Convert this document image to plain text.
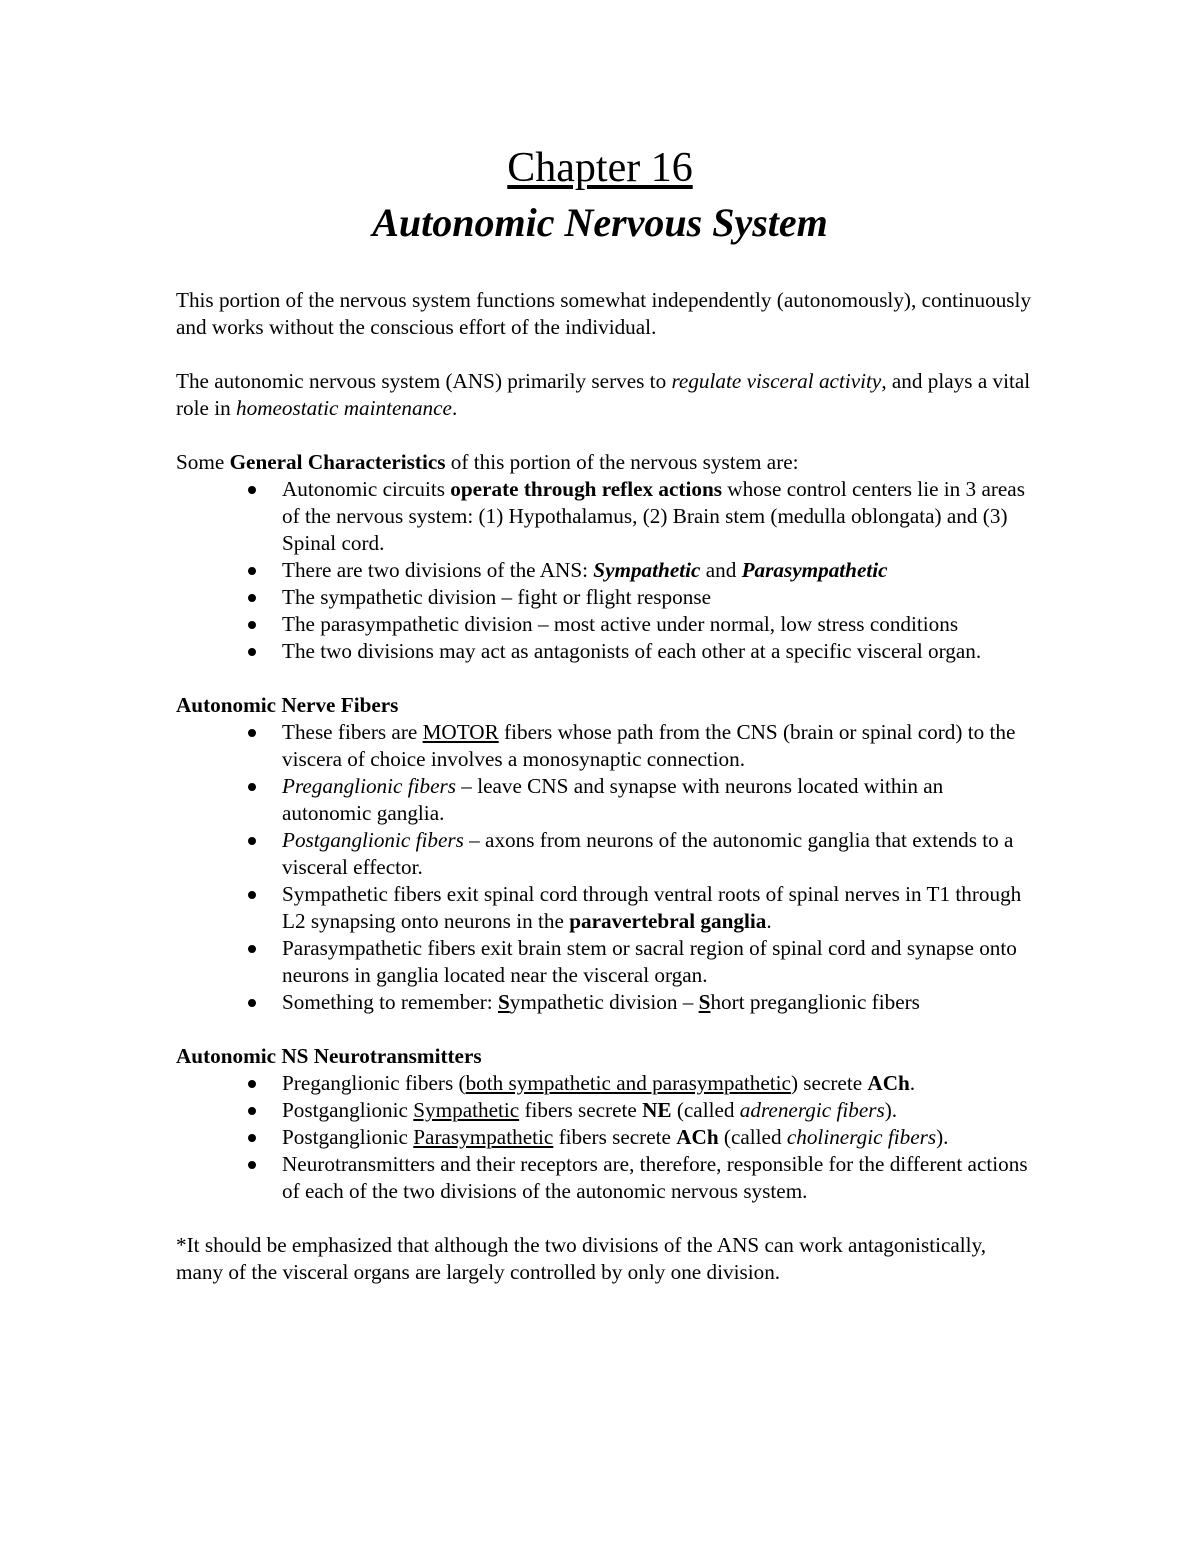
Chapter 16
Autonomic Nervous System

This portion of the nervous system functions somewhat independently (autonomously), continuously and works without the conscious effort of the individual.

The autonomic nervous system (ANS) primarily serves to regulate visceral activity, and plays a vital role in homeostatic maintenance.

Some General Characteristics of this portion of the nervous system are:
Autonomic circuits operate through reflex actions whose control centers lie in 3 areas of the nervous system: (1) Hypothalamus, (2) Brain stem (medulla oblongata) and (3) Spinal cord.
There are two divisions of the ANS: Sympathetic and Parasympathetic
The sympathetic division – fight or flight response
The parasympathetic division – most active under normal, low stress conditions
The two divisions may act as antagonists of each other at a specific visceral organ.
Autonomic Nerve Fibers
These fibers are MOTOR fibers whose path from the CNS (brain or spinal cord) to the viscera of choice involves a monosynaptic connection.
Preganglionic fibers – leave CNS and synapse with neurons located within an autonomic ganglia.
Postganglionic fibers – axons from neurons of the autonomic ganglia that extends to a visceral effector.
Sympathetic fibers exit spinal cord through ventral roots of spinal nerves in T1 through L2 synapsing onto neurons in the paravertebral ganglia.
Parasympathetic fibers exit brain stem or sacral region of spinal cord and synapse onto neurons in ganglia located near the visceral organ.
Something to remember: Sympathetic division – Short preganglionic fibers
Autonomic NS Neurotransmitters
Preganglionic fibers (both sympathetic and parasympathetic) secrete ACh.
Postganglionic Sympathetic fibers secrete NE (called adrenergic fibers).
Postganglionic Parasympathetic fibers secrete ACh (called cholinergic fibers).
Neurotransmitters and their receptors are, therefore, responsible for the different actions of each of the two divisions of the autonomic nervous system.

*It should be emphasized that although the two divisions of the ANS can work antagonistically, many of the visceral organs are largely controlled by only one division.
